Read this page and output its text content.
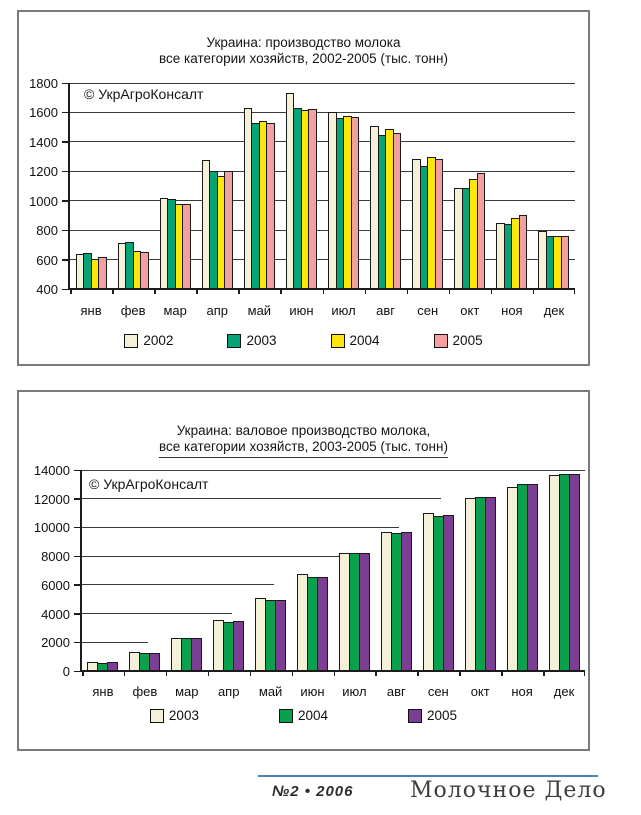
Украина: производство молока
все категории хозяйств, 2002-2005 (тыс. тонн)
© УкрАгроКонсалт
400
600
800
1000
1200
1400
1600
1800
янв	фев	мар	апр	май	июн	июл	авг	сен	окт	ноя	дек
2002	2003	2004	2005
Украина: валовое производство молока,
все категории хозяйств, 2003-2005 (тыс. тонн)
© УкрАгроКонсалт
0
2000
4000
6000
8000
10000
12000
14000
янв	фев	мар	апр	май	июн	июл	авг	сен	окт	ноя	дек
2003	2004	2005
№2 • 2006	Молочное Дело
